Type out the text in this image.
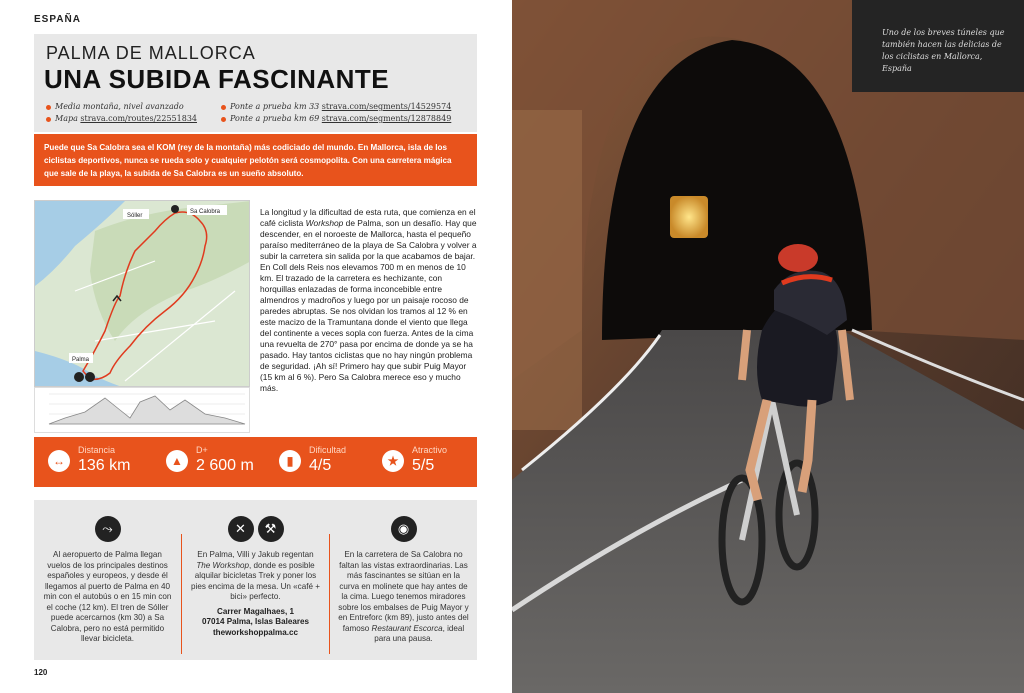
ESPAÑA
PALMA DE MALLORCA
UNA SUBIDA FASCINANTE
Media montaña, nivel avanzado
Mapa strava.com/routes/22551834
Ponte a prueba km 33 strava.com/segments/14529574
Ponte a prueba km 69 strava.com/segments/12878849
Puede que Sa Calobra sea el KOM (rey de la montaña) más codiciado del mundo. En Mallorca, isla de los ciclistas deportivos, nunca se rueda solo y cualquier pelotón será cosmopolita. Con una carretera mágica que sale de la playa, la subida de Sa Calobra es un sueño absoluto.
Sóller
Sa Calobra
Palma
La longitud y la dificultad de esta ruta, que comienza en el café ciclista Workshop de Palma, son un desafío. Hay que descender, en el noroeste de Mallorca, hasta el pequeño paraíso mediterráneo de la playa de Sa Calobra y volver a subir la carretera sin salida por la que acabamos de bajar. En Coll dels Reis nos elevamos 700 m en menos de 10 km. El trazado de la carretera es hechizante, con horquillas enlazadas de forma inconcebible entre almendros y madroños y luego por un paisaje rocoso de paredes abruptas. Se nos olvidan los tramos al 12 % en este macizo de la Tramuntana donde el viento que llega del continente a veces sopla con fuerza. Antes de la cima una revuelta de 270° pasa por encima de donde ya se ha pasado. Hay tantos ciclistas que no hay ningún problema de seguridad. ¡Ah sí! Primero hay que subir Puig Mayor (15 km al 6 %). Pero Sa Calobra merece eso y mucho más.
↔
Distancia
136 km	▲
D+
2 600 m	▮
Dificultad
4/5	★
Atractivo
5/5
⤳
Al aeropuerto de Palma llegan vuelos de los principales destinos españoles y europeos, y desde él llegamos al puerto de Palma en 40 min con el autobús o en 15 min con el coche (12 km). El tren de Sóller puede acercarnos (km 30) a Sa Calobra, pero no está permitido llevar bicicleta.
✕ ⚒
En Palma, Villi y Jakub regentan The Workshop, donde es posible alquilar bicicletas Trek y poner los pies encima de la mesa. Un «café + bici» perfecto.
Carrer Magalhaes, 1
07014 Palma, Islas Baleares
theworkshoppalma.cc
◉
En la carretera de Sa Calobra no faltan las vistas extraordinarias. Las más fascinantes se sitúan en la curva en molinete que hay antes de la cima. Luego tenemos miradores sobre los embalses de Puig Mayor y en Entreforc (km 89), justo antes del famoso Restaurant Escorca, ideal para una pausa.
120
Uno de los breves túneles que también hacen las delicias de los ciclistas en Mallorca, España
